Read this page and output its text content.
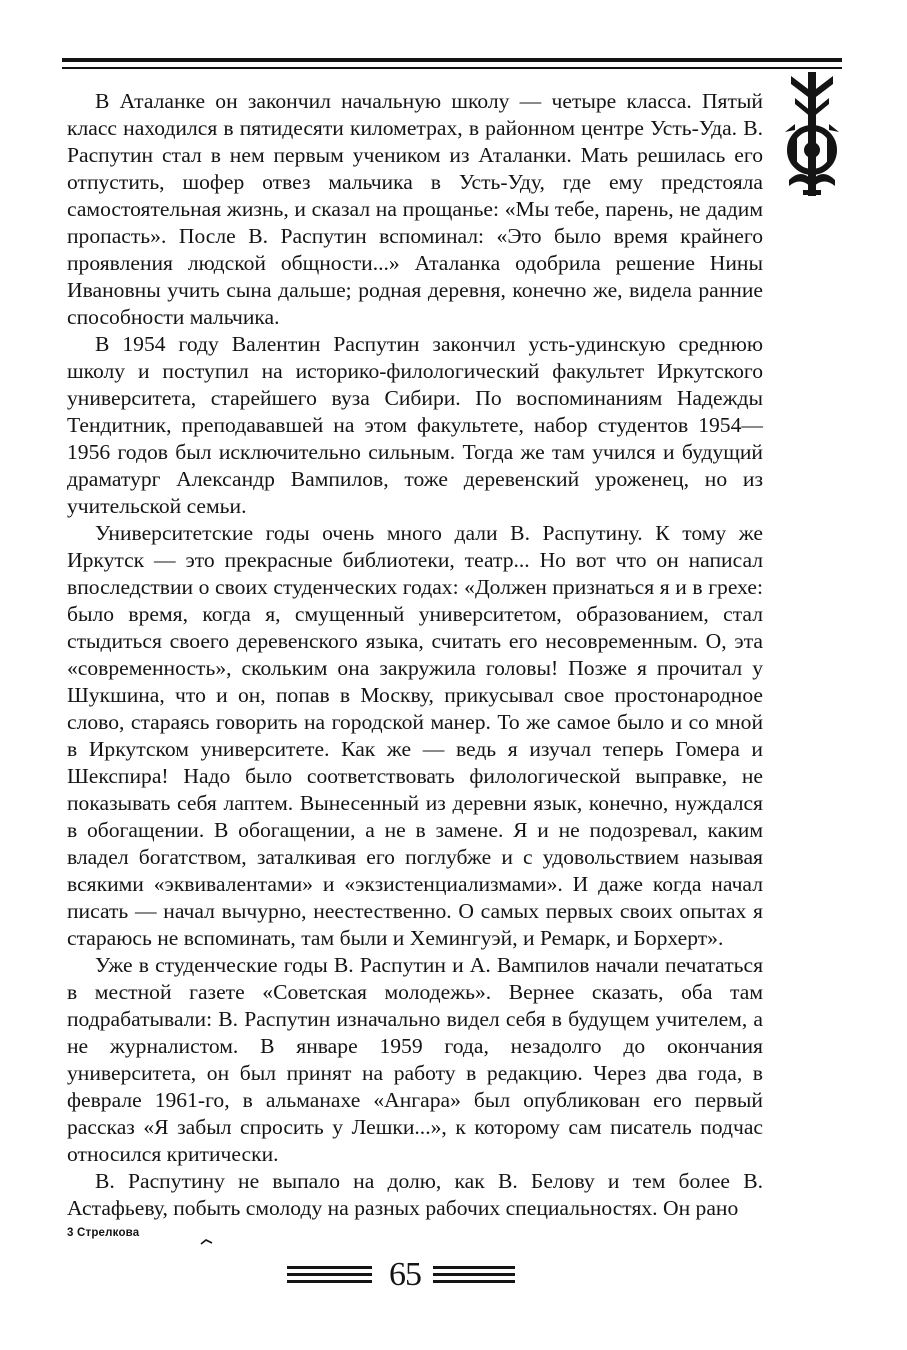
В Аталанке он закончил начальную школу — четыре класса. Пятый класс находился в пятидесяти километрах, в районном центре Усть-Уда. В. Распутин стал в нем первым учеником из Аталанки. Мать решилась его отпустить, шофер отвез мальчика в Усть-Уду, где ему предстояла самостоятельная жизнь, и сказал на прощанье: «Мы тебе, парень, не дадим пропасть». После В. Распутин вспоминал: «Это было время крайнего проявления людской общности...» Аталанка одобрила решение Нины Ивановны учить сына дальше; родная деревня, конечно же, видела ранние способности мальчика.

В 1954 году Валентин Распутин закончил усть-удинскую среднюю школу и поступил на историко-филологический факультет Иркутского университета, старейшего вуза Сибири. По воспоминаниям Надежды Тендитник, преподававшей на этом факультете, набор студентов 1954—1956 годов был исключительно сильным. Тогда же там учился и будущий драматург Александр Вампилов, тоже деревенский уроженец, но из учительской семьи.

Университетские годы очень много дали В. Распутину. К тому же Иркутск — это прекрасные библиотеки, театр... Но вот что он написал впоследствии о своих студенческих годах: «Должен признаться я и в грехе: было время, когда я, смущенный университетом, образованием, стал стыдиться своего деревенского языка, считать его несовременным. О, эта «современность», скольким она закружила головы! Позже я прочитал у Шукшина, что и он, попав в Москву, прикусывал свое простонародное слово, стараясь говорить на городской манер. То же самое было и со мной в Иркутском университете. Как же — ведь я изучал теперь Гомера и Шекспира! Надо было соответствовать филологической выправке, не показывать себя лаптем. Вынесенный из деревни язык, конечно, нуждался в обогащении. В обогащении, а не в замене. Я и не подозревал, каким владел богатством, заталкивая его поглубже и с удовольствием называя всякими «эквивалентами» и «экзистенциализмами». И даже когда начал писать — начал вычурно, неестественно. О самых первых своих опытах я стараюсь не вспоминать, там были и Хемингуэй, и Ремарк, и Борхерт».

Уже в студенческие годы В. Распутин и А. Вампилов начали печататься в местной газете «Советская молодежь». Вернее сказать, оба там подрабатывали: В. Распутин изначально видел себя в будущем учителем, а не журналистом. В январе 1959 года, незадолго до окончания университета, он был принят на работу в редакцию. Через два года, в феврале 1961-го, в альманахе «Ангара» был опубликован его первый рассказ «Я забыл спросить у Лешки...», к которому сам писатель подчас относился критически.

В. Распутину не выпало на долю, как В. Белову и тем более В. Астафьеву, побыть смолоду на разных рабочих специальностях. Он рано

3 Стрелкова
65
